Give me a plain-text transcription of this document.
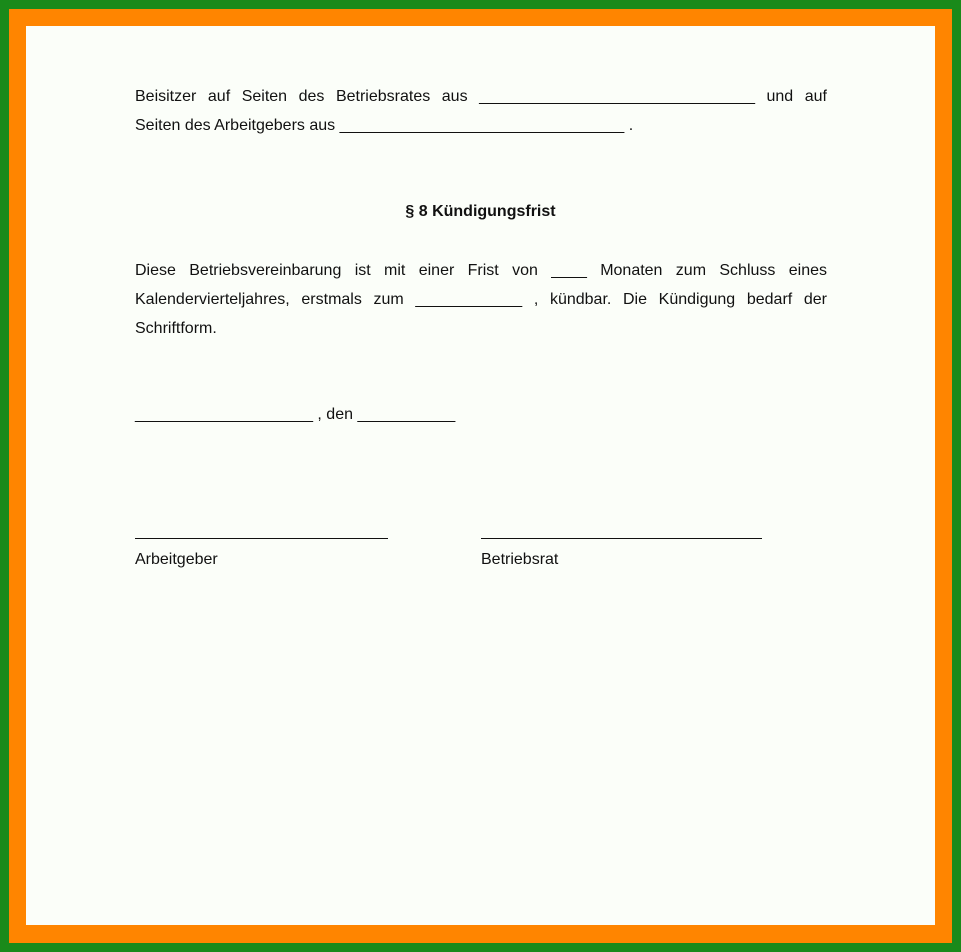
Beisitzer auf Seiten des Betriebsrates aus _______________________________ und auf
Seiten des Arbeitgebers aus ________________________________ .
§ 8 Kündigungsfrist
Diese Betriebsvereinbarung ist mit einer Frist von ____ Monaten zum Schluss eines
Kalendervierteljahres, erstmals zum ____________ , kündbar. Die Kündigung bedarf der
Schriftform.
____________________ , den ___________
Arbeitgeber	Betriebsrat
